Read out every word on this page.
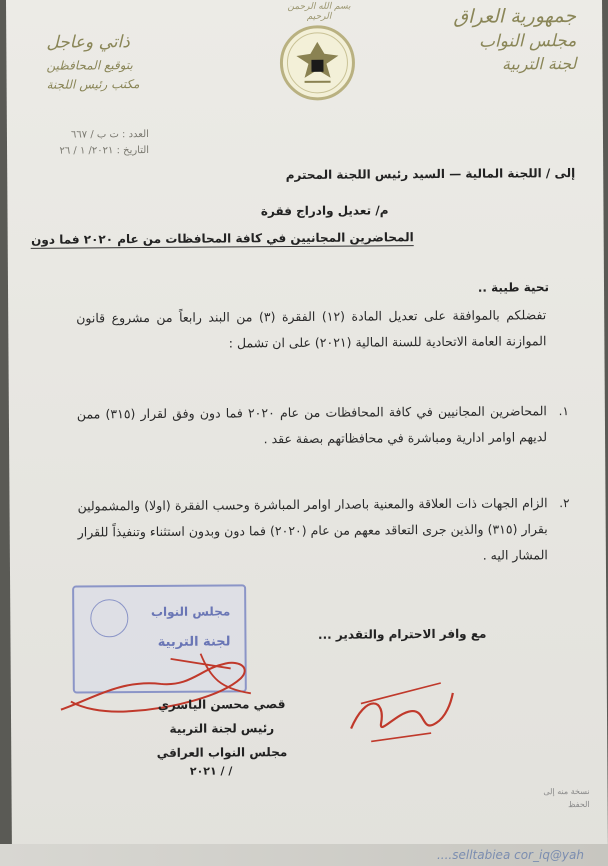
جمهورية العراق
مجلس النواب
لجنة التربية
بسم الله الرحمن الرحيم
ذاتي وعاجل
بتوقيع المحافظين
مكتب رئيس اللجنة
العدد : ت ب / ٦٦٧
التاريخ : ٢٠٢١/ ١ / ٢٦
إلى / اللجنة المالية — السيد رئيس اللجنة المحترم
م/ تعديل وادراج فقرة
المحاضرين المجانيين في كافة المحافظات من عام ٢٠٢٠ فما دون
تحية طيبة ..
تفضلكم بالموافقة على تعديل المادة (١٢) الفقرة (٣) من البند رابعاً من مشروع قانون الموازنة العامة الاتحادية للسنة المالية (٢٠٢١) على ان تشمل :
١.
المحاضرين المجانيين في كافة المحافظات من عام ٢٠٢٠ فما دون وفق لقرار (٣١٥) ممن لديهم اوامر ادارية ومباشرة في محافظاتهم بصفة عقد .
٢.
الزام الجهات ذات العلاقة والمعنية باصدار اوامر المباشرة وحسب الفقرة (اولا) والمشمولين بقرار (٣١٥) والذين جرى التعاقد معهم من عام (٢٠٢٠) فما دون وبدون استثناء وتنفيذاً للقرار المشار اليه .
مع وافر الاحترام والتقدير ...
مجلس النواب
لجنة التربية
قصي محسن الياسري
رئيس لجنة التربية
مجلس النواب العراقي
/ / ٢٠٢١
نسخة منه إلى
الحفظ
....selltabiea cor_iq@yah
